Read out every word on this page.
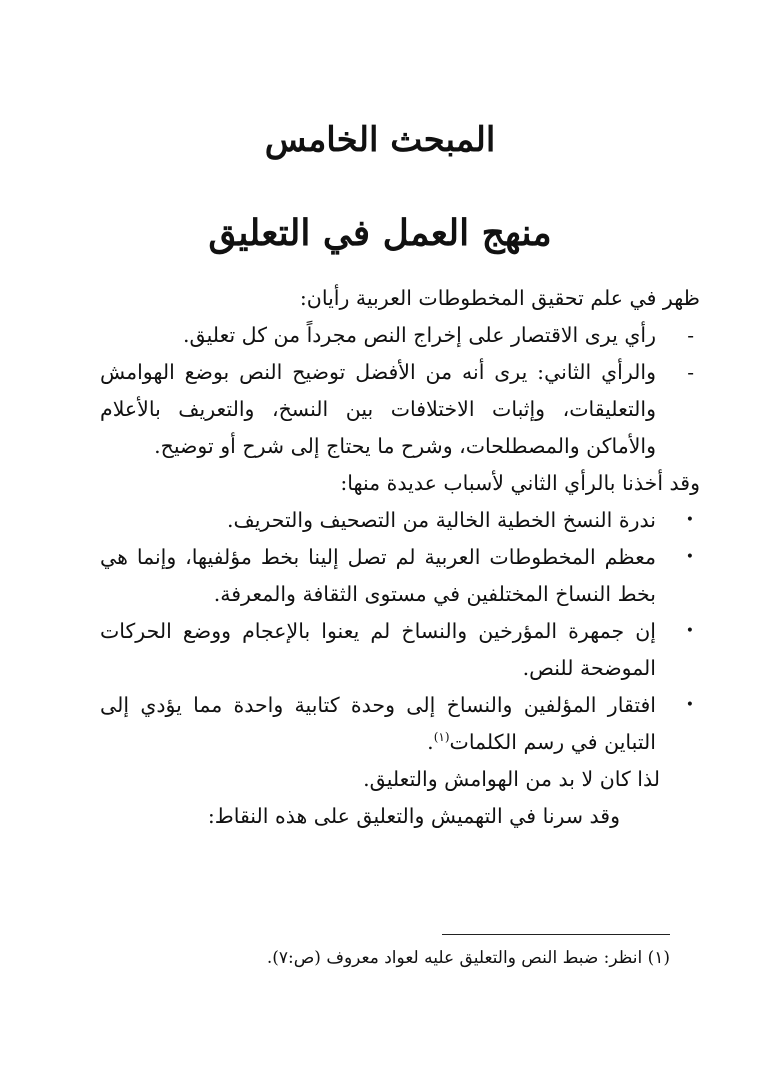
المبحث الخامس
منهج العمل في التعليق

ظهر في علم تحقيق المخطوطات العربية رأيان:

-
رأي يرى الاقتصار على إخراج النص مجرداً من كل تعليق.
-
والرأي الثاني: يرى أنه من الأفضل توضيح النص بوضع الهوامش والتعليقات، وإثبات الاختلافات بين النسخ، والتعريف بالأعلام والأماكن والمصطلحات، وشرح ما يحتاج إلى شرح أو توضيح.

وقد أخذنا بالرأي الثاني لأسباب عديدة منها:

•
ندرة النسخ الخطية الخالية من التصحيف والتحريف.
•
معظم المخطوطات العربية لم تصل إلينا بخط مؤلفيها، وإنما هي بخط النساخ المختلفين في مستوى الثقافة والمعرفة.
•
إن جمهرة المؤرخين والنساخ لم يعنوا بالإعجام ووضع الحركات الموضحة للنص.
•
افتقار المؤلفين والنساخ إلى وحدة كتابية واحدة مما يؤدي إلى التباين في رسم الكلمات$^{(١)}$.

لذا كان لا بد من الهوامش والتعليق.

وقد سرنا في التهميش والتعليق على هذه النقاط:

(١) انظر: ضبط النص والتعليق عليه لعواد معروف (ص:٧).
